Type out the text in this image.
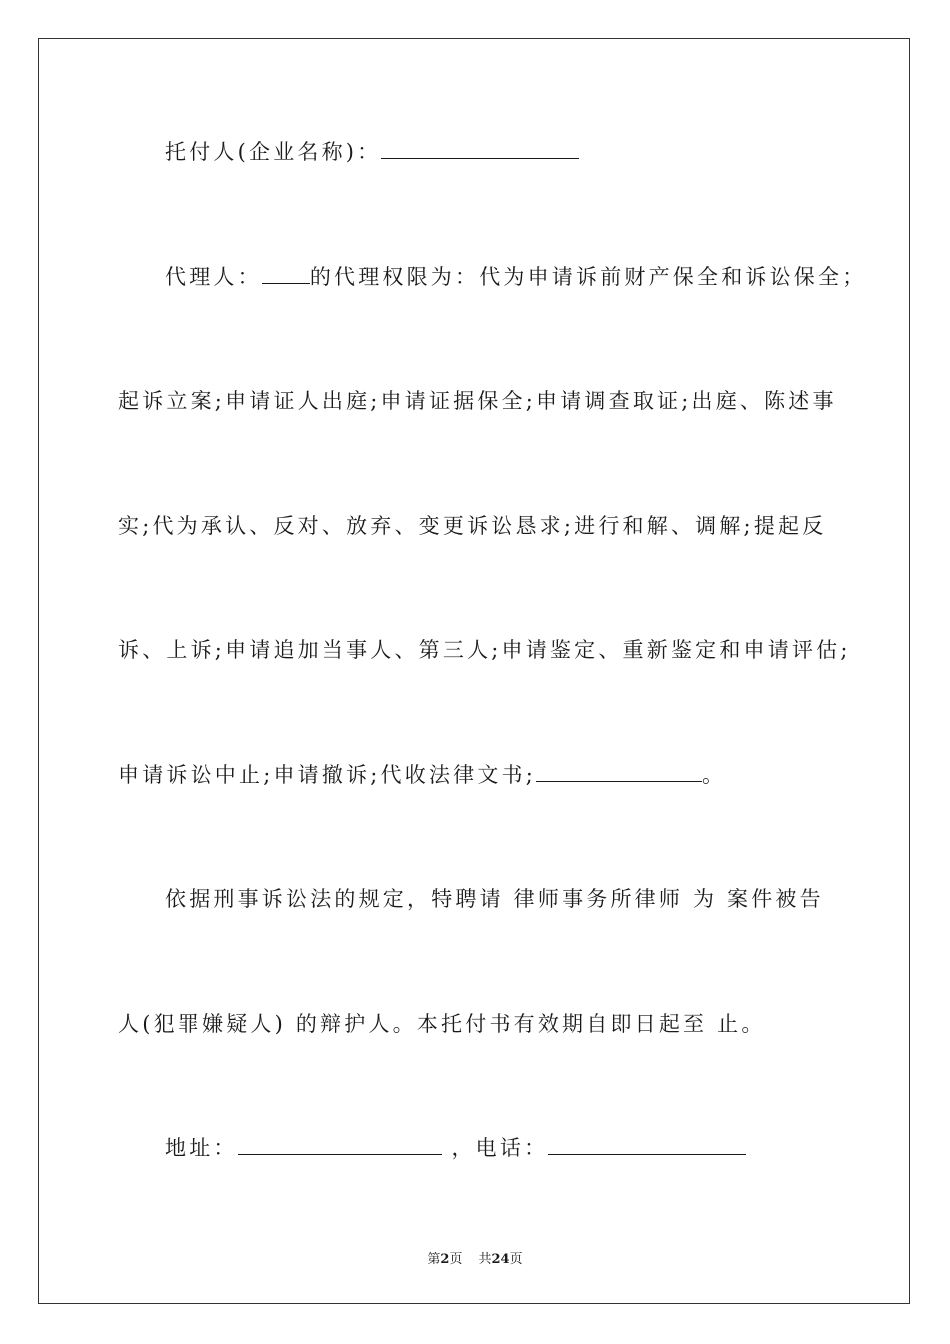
托付人(企业名称)：
代理人： 的代理权限为：代为申请诉前财产保全和诉讼保全；
起诉立案;申请证人出庭;申请证据保全;申请调查取证;出庭、陈述事
实;代为承认、反对、放弃、变更诉讼恳求;进行和解、调解;提起反
诉、上诉;申请追加当事人、第三人;申请鉴定、重新鉴定和申请评估;
申请诉讼中止;申请撤诉;代收法律文书;	。
依据刑事诉讼法的规定，特聘请 律师事务所律师 为 案件被告
人(犯罪嫌疑人) 的辩护人。本托付书有效期自即日起至 止。
地址：	，电话：
第2页 共24页
